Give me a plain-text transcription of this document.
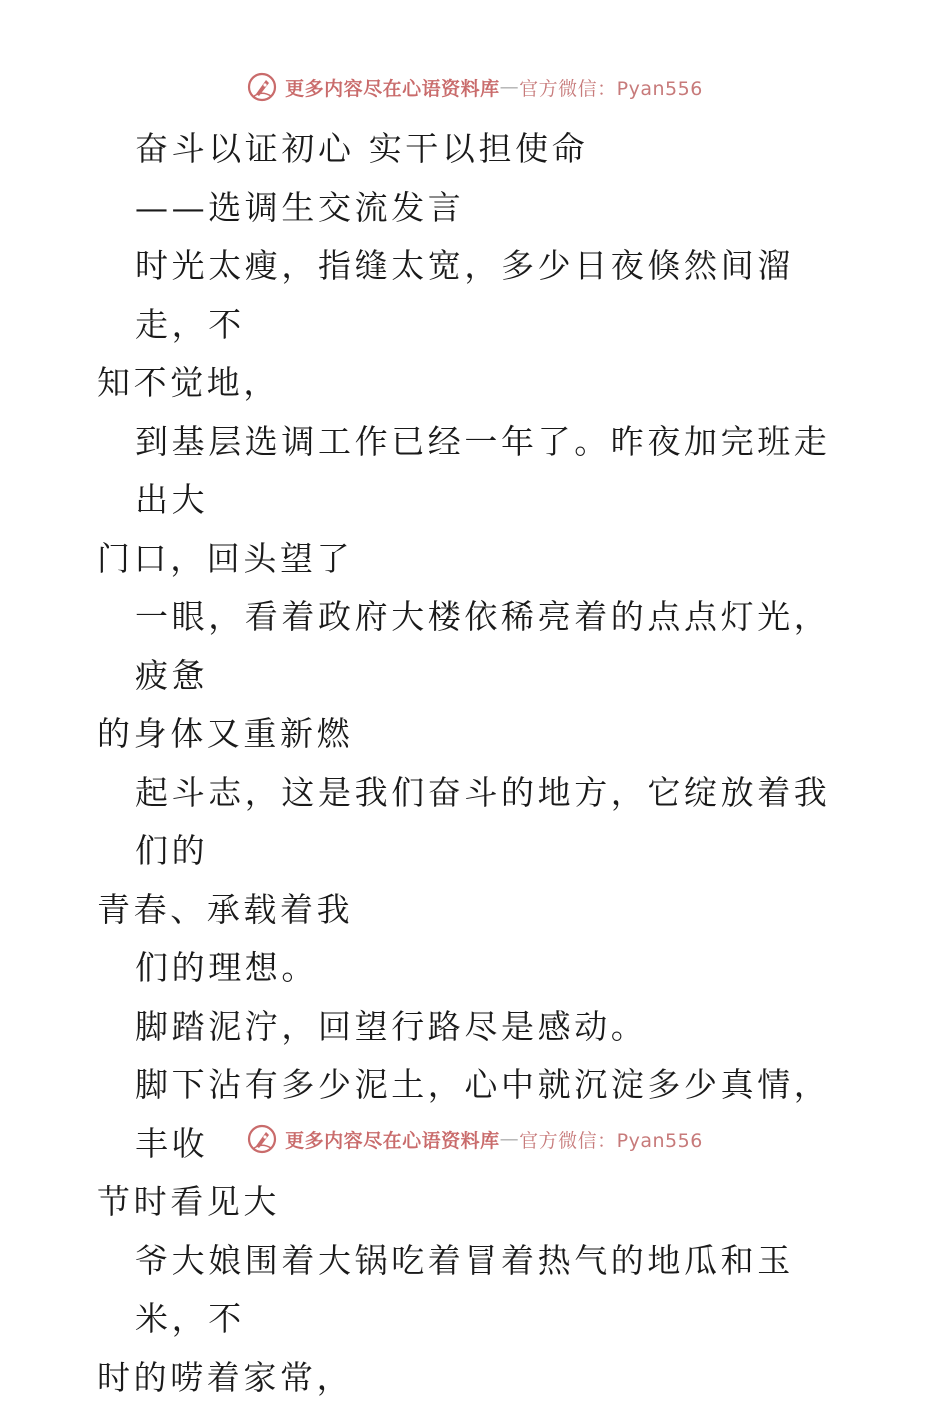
更多内容尽在心语资料库 — 官方微信：Pyan556

奋斗以证初心 实干以担使命

——选调生交流发言

时光太瘦，指缝太宽，多少日夜倏然间溜走，不

知不觉地，

到基层选调工作已经一年了。昨夜加完班走出大

门口，回头望了

一眼，看着政府大楼依稀亮着的点点灯光，疲惫

的身体又重新燃

起斗志，这是我们奋斗的地方，它绽放着我们的

青春、承载着我

们的理想。

脚踏泥泞，回望行路尽是感动。

脚下沾有多少泥土，心中就沉淀多少真情，丰收

节时看见大

爷大娘围着大锅吃着冒着热气的地瓜和玉米，不

时的唠着家常，

更多内容尽在心语资料库 — 官方微信：Pyan556
